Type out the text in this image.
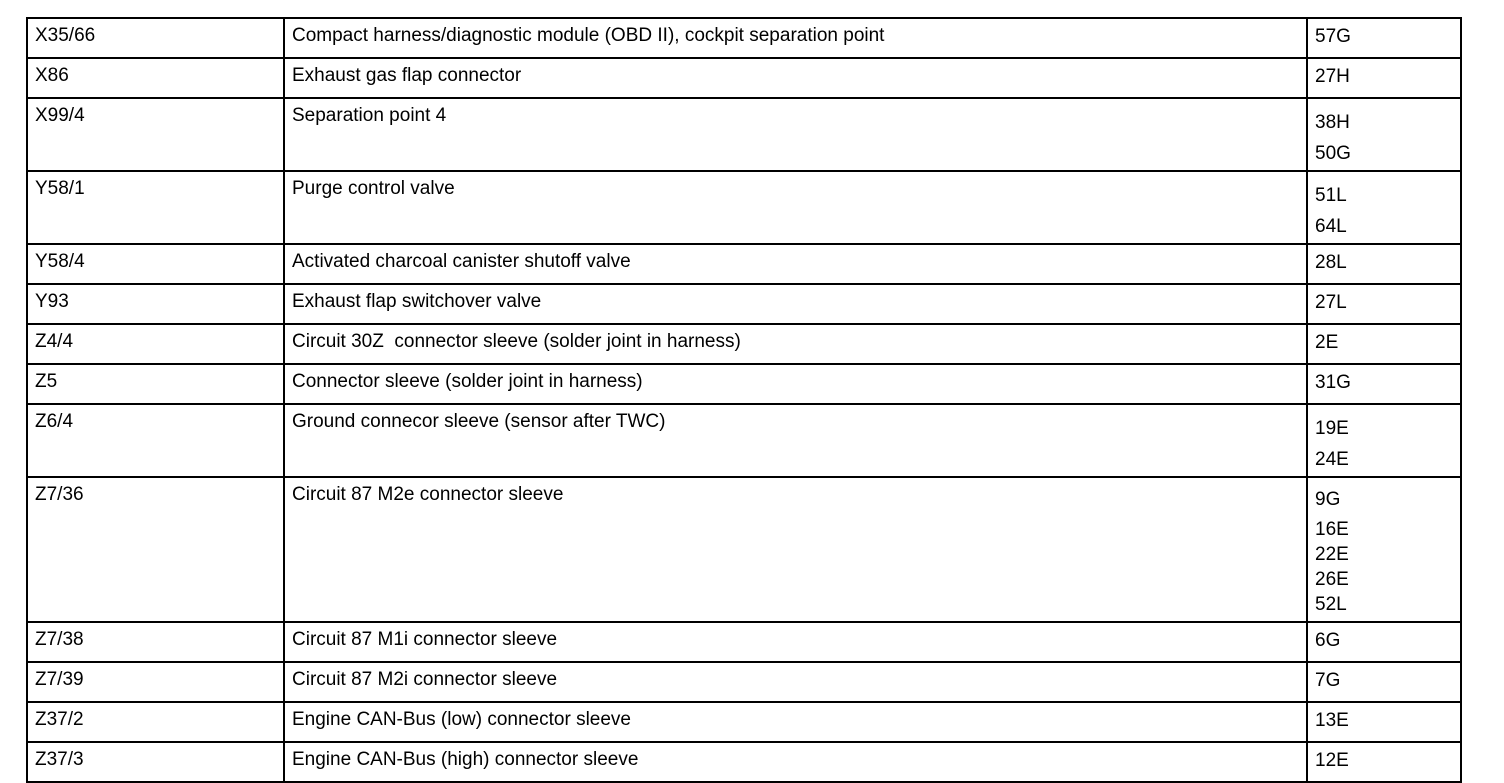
X35/66	Compact harness/diagnostic module (OBD II), cockpit separation point	57G

X86	Exhaust gas flap connector	27H

X99/4	Separation point 4	38H
50G

Y58/1	Purge control valve	51L
64L

Y58/4	Activated charcoal canister shutoff valve	28L

Y93	Exhaust flap switchover valve	27L

Z4/4	Circuit 30Z  connector sleeve (solder joint in harness)	2E

Z5	Connector sleeve (solder joint in harness)	31G

Z6/4	Ground connecor sleeve (sensor after TWC)	19E
24E

Z7/36	Circuit 87 M2e connector sleeve	9G
16E
22E
26E
52L

Z7/38	Circuit 87 M1i connector sleeve	6G

Z7/39	Circuit 87 M2i connector sleeve	7G

Z37/2	Engine CAN-Bus (low) connector sleeve	13E

Z37/3	Engine CAN-Bus (high) connector sleeve	12E
